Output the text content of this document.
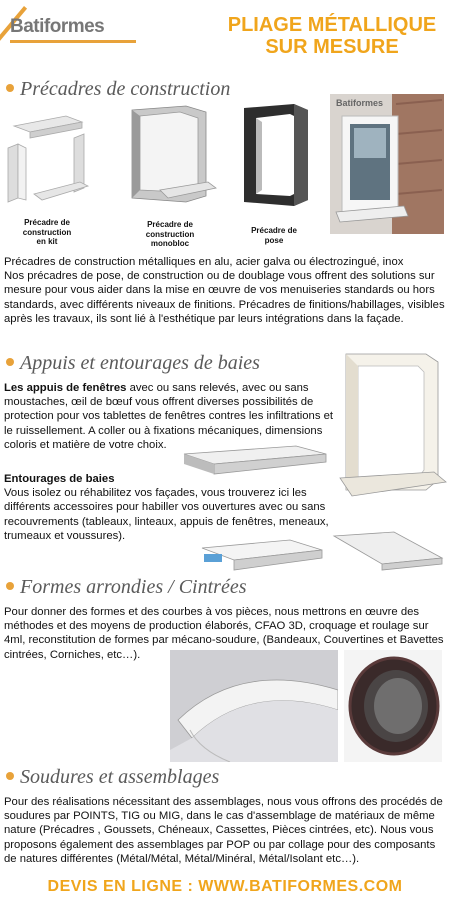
Batiformes	PLIAGE MÉTALLIQUE
SUR MESURE
Précadres de construction
Précadre de
construction
en kit
Précadre de
construction
monobloc
Précadre de
pose
Batiformes
Précadres de construction métalliques en alu, acier galva ou électrozingué, inox
Nos précadres de pose, de construction ou de doublage vous offrent des solutions sur mesure pour vous aider dans la mise en œuvre de vos menuiseries standards ou hors standards, avec différents niveaux de finitions. Précadres de finitions/habillages, visibles après les travaux, ils sont lié à l'esthétique par leurs intégrations dans la façade.
Appuis et entourages de baies
Les appuis de fenêtres avec ou sans relevés, avec ou sans moustaches, œil de bœuf vous offrent diverses possibilités de protection pour vos tablettes de fenêtres contres les infiltrations et le ruissellement. A coller ou à fixations mécaniques, dimensions coloris et matière de votre choix.
Entourages de baies
Vous isolez ou réhabilitez vos façades, vous trouverez ici les différents accessoires pour habiller vos ouvertures avec ou sans recouvrements (tableaux, linteaux, appuis de fenêtres, meneaux, trumeaux et voussures).
Formes arrondies / Cintrées
Pour donner des formes et des courbes à vos pièces, nous mettrons en œuvre des méthodes et des moyens de production élaborés, CFAO 3D, croquage et roulage sur 4ml, reconstitution de formes par mécano-soudure, (Bandeaux, Couvertines et Bavettes cintrées, Corniches, etc…).
Soudures et assemblages
Pour des réalisations nécessitant des assemblages, nous vous offrons des procédés de soudures par POINTS, TIG ou MIG, dans le cas d'assemblage de matériaux de même nature (Précadres , Goussets, Chéneaux, Cassettes, Pièces cintrées, etc). Nous vous proposons également des assemblages par POP ou par collage pour des composants de natures différentes (Métal/Métal, Métal/Minéral, Métal/Isolant etc…).
DEVIS EN LIGNE : WWW.BATIFORMES.COM
